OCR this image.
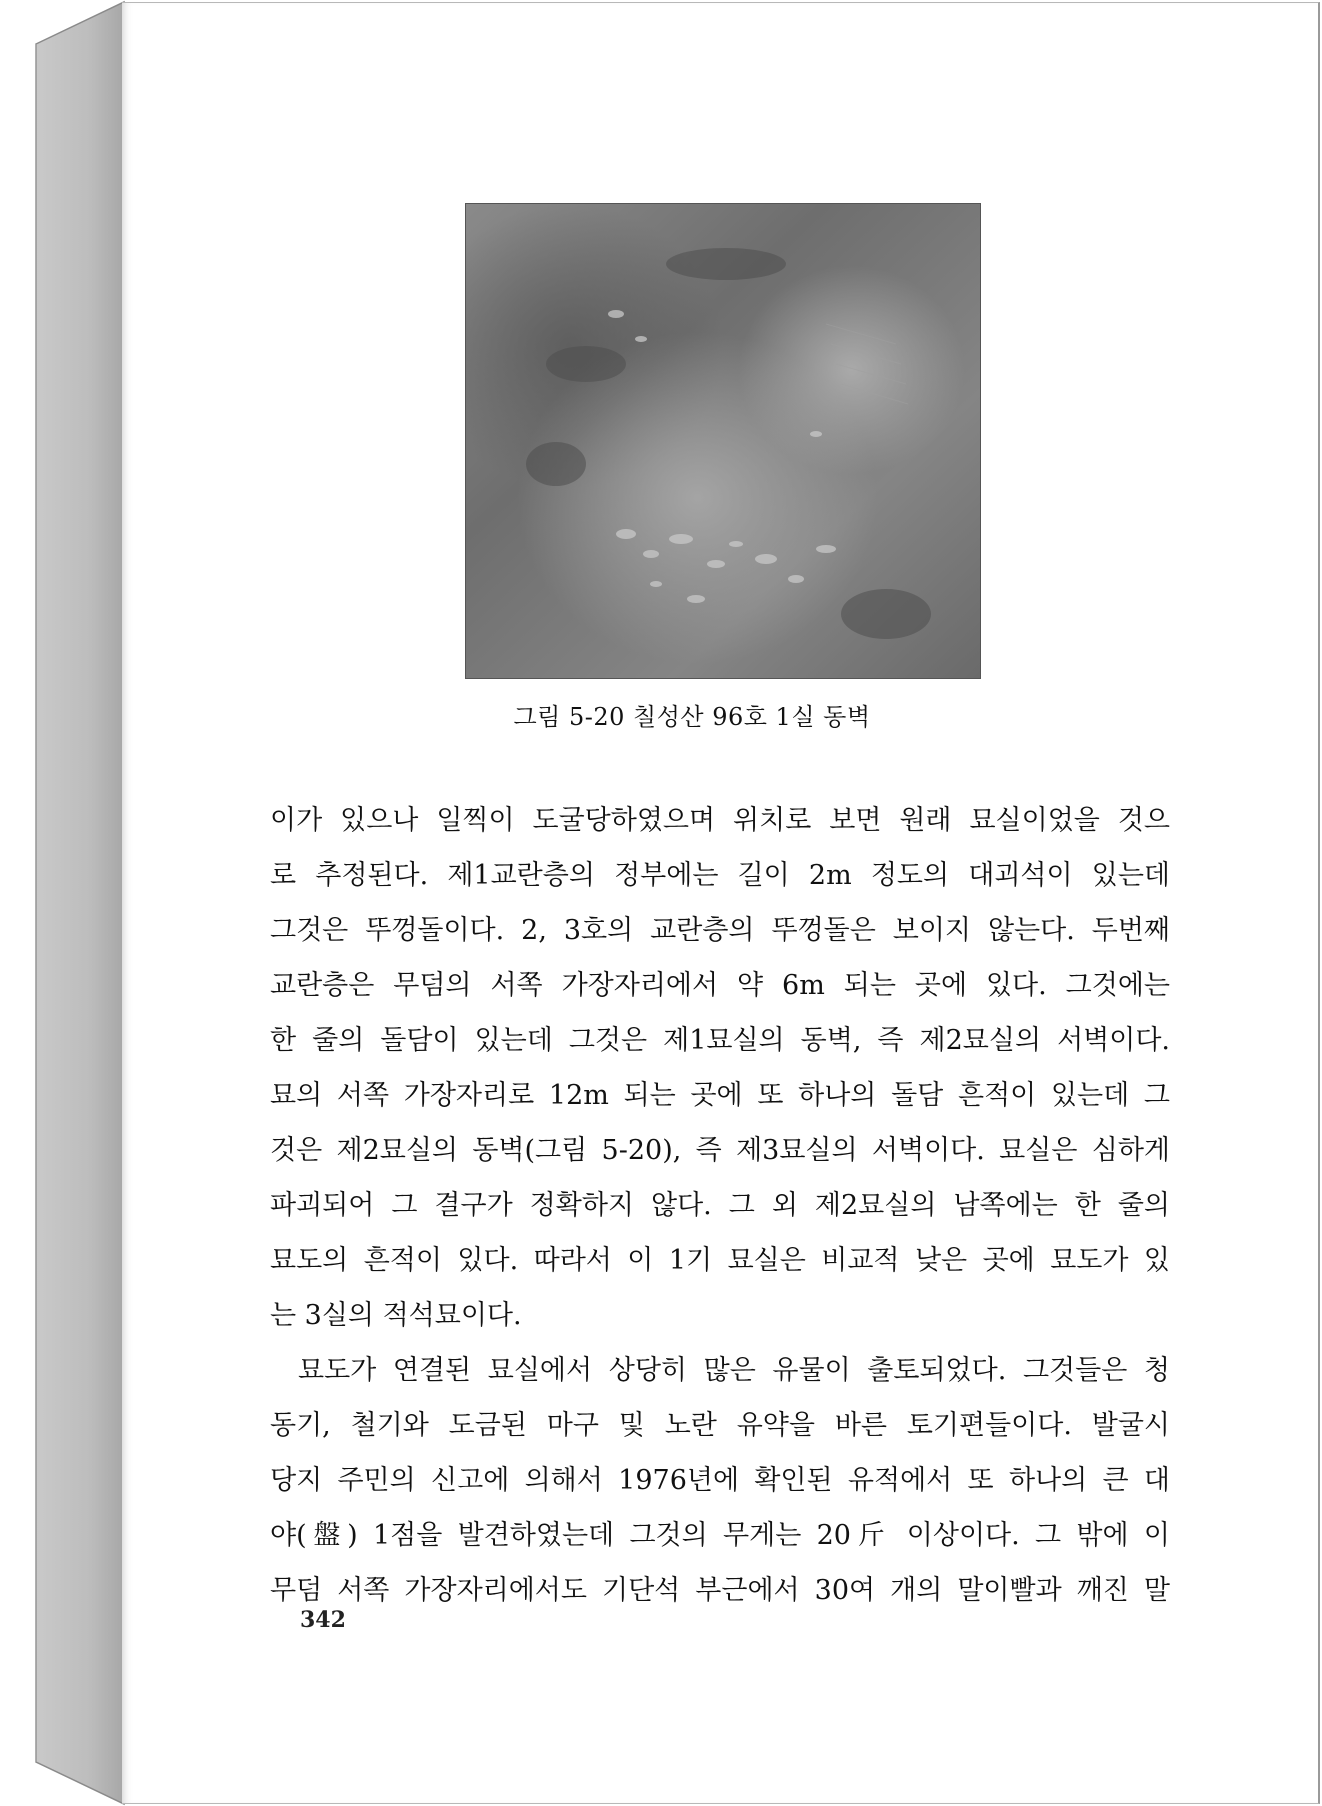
그림 5-20 칠성산 96호 1실 동벽
이가 있으나 일찍이 도굴당하였으며 위치로 보면 원래 묘실이었을 것으
로 추정된다. 제1교란층의 정부에는 길이 2m 정도의 대괴석이 있는데
그것은 뚜껑돌이다. 2, 3호의 교란층의 뚜껑돌은 보이지 않는다. 두번째
교란층은 무덤의 서쪽 가장자리에서 약 6m 되는 곳에 있다. 그것에는
한 줄의 돌담이 있는데 그것은 제1묘실의 동벽, 즉 제2묘실의 서벽이다.
묘의 서쪽 가장자리로 12m 되는 곳에 또 하나의 돌담 흔적이 있는데 그
것은 제2묘실의 동벽(그림 5-20), 즉 제3묘실의 서벽이다. 묘실은 심하게
파괴되어 그 결구가 정확하지 않다. 그 외 제2묘실의 남쪽에는 한 줄의
묘도의 흔적이 있다. 따라서 이 1기 묘실은 비교적 낮은 곳에 묘도가 있
는 3실의 적석묘이다.
묘도가 연결된 묘실에서 상당히 많은 유물이 출토되었다. 그것들은 청
동기, 철기와 도금된 마구 및 노란 유약을 바른 토기편들이다. 발굴시
당지 주민의 신고에 의해서 1976년에 확인된 유적에서 또 하나의 큰 대
야(盤) 1점을 발견하였는데 그것의 무게는 20斤 이상이다. 그 밖에 이
무덤 서쪽 가장자리에서도 기단석 부근에서 30여 개의 말이빨과 깨진 말
342
